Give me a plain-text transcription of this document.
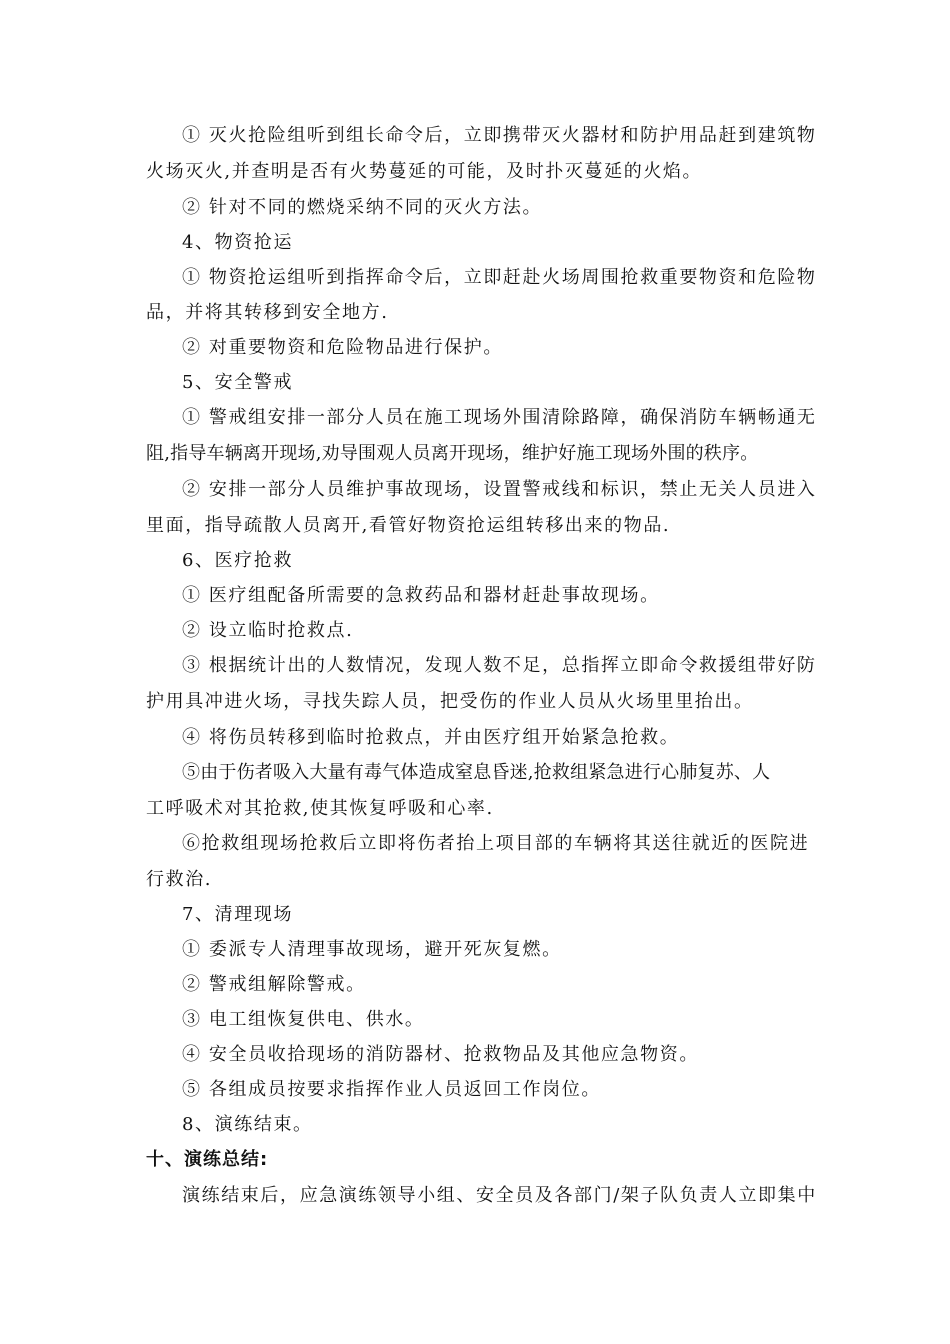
① 灭火抢险组听到组长命令后，立即携带灭火器材和防护用品赶到建筑物
火场灭火,并查明是否有火势蔓延的可能，及时扑灭蔓延的火焰。
② 针对不同的燃烧采纳不同的灭火方法。
4、物资抢运
① 物资抢运组听到指挥命令后，立即赶赴火场周围抢救重要物资和危险物
品，并将其转移到安全地方.
② 对重要物资和危险物品进行保护。
5、安全警戒
① 警戒组安排一部分人员在施工现场外围清除路障，确保消防车辆畅通无
阻,指导车辆离开现场,劝导围观人员离开现场，维护好施工现场外围的秩序。
② 安排一部分人员维护事故现场，设置警戒线和标识，禁止无关人员进入
里面，指导疏散人员离开,看管好物资抢运组转移出来的物品.
6、医疗抢救
① 医疗组配备所需要的急救药品和器材赶赴事故现场。
② 设立临时抢救点.
③ 根据统计出的人数情况，发现人数不足，总指挥立即命令救援组带好防
护用具冲进火场，寻找失踪人员，把受伤的作业人员从火场里里抬出。
④ 将伤员转移到临时抢救点，并由医疗组开始紧急抢救。
⑤由于伤者吸入大量有毒气体造成窒息昏迷,抢救组紧急进行心肺复苏、人
工呼吸术对其抢救,使其恢复呼吸和心率.
⑥抢救组现场抢救后立即将伤者抬上项目部的车辆将其送往就近的医院进
行救治.
7、清理现场
① 委派专人清理事故现场，避开死灰复燃。
② 警戒组解除警戒。
③ 电工组恢复供电、供水。
④ 安全员收拾现场的消防器材、抢救物品及其他应急物资。
⑤ 各组成员按要求指挥作业人员返回工作岗位。
8、演练结束。
十、演练总结:
演练结束后，应急演练领导小组、安全员及各部门/架子队负责人立即集中
